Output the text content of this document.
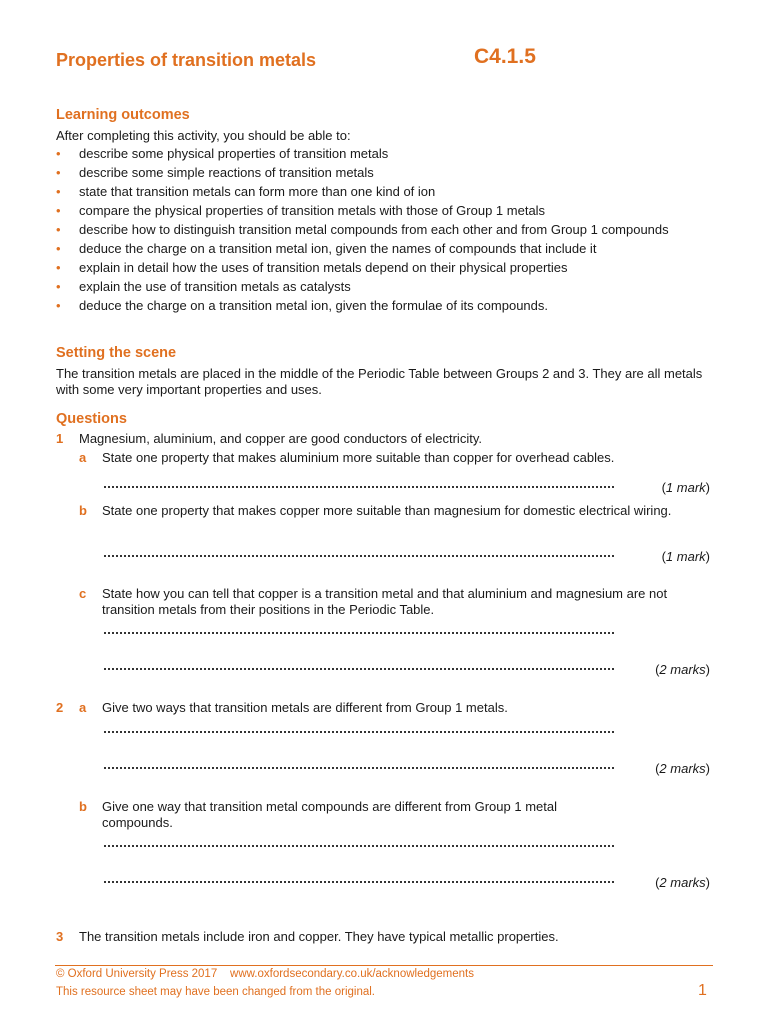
Properties of transition metals	C4.1.5
Learning outcomes
After completing this activity, you should be able to:
• describe some physical properties of transition metals
• describe some simple reactions of transition metals
• state that transition metals can form more than one kind of ion
• compare the physical properties of transition metals with those of Group 1 metals
• describe how to distinguish transition metal compounds from each other and from Group 1 compounds
• deduce the charge on a transition metal ion, given the names of compounds that include it
• explain in detail how the uses of transition metals depend on their physical properties
• explain the use of transition metals as catalysts
• deduce the charge on a transition metal ion, given the formulae of its compounds.
Setting the scene
The transition metals are placed in the middle of the Periodic Table between Groups 2 and 3. They are all metals with some very important properties and uses.
Questions
1 Magnesium, aluminium, and copper are good conductors of electricity.
a State one property that makes aluminium more suitable than copper for overhead cables.
(1 mark)
b State one property that makes copper more suitable than magnesium for domestic electrical wiring.
(1 mark)
c State how you can tell that copper is a transition metal and that aluminium and magnesium are not transition metals from their positions in the Periodic Table.
(2 marks)
2 a Give two ways that transition metals are different from Group 1 metals.
(2 marks)
b Give one way that transition metal compounds are different from Group 1 metal compounds.
(2 marks)
3 The transition metals include iron and copper. They have typical metallic properties.
© Oxford University Press 2017 www.oxfordsecondary.co.uk/acknowledgements
This resource sheet may have been changed from the original.	1
